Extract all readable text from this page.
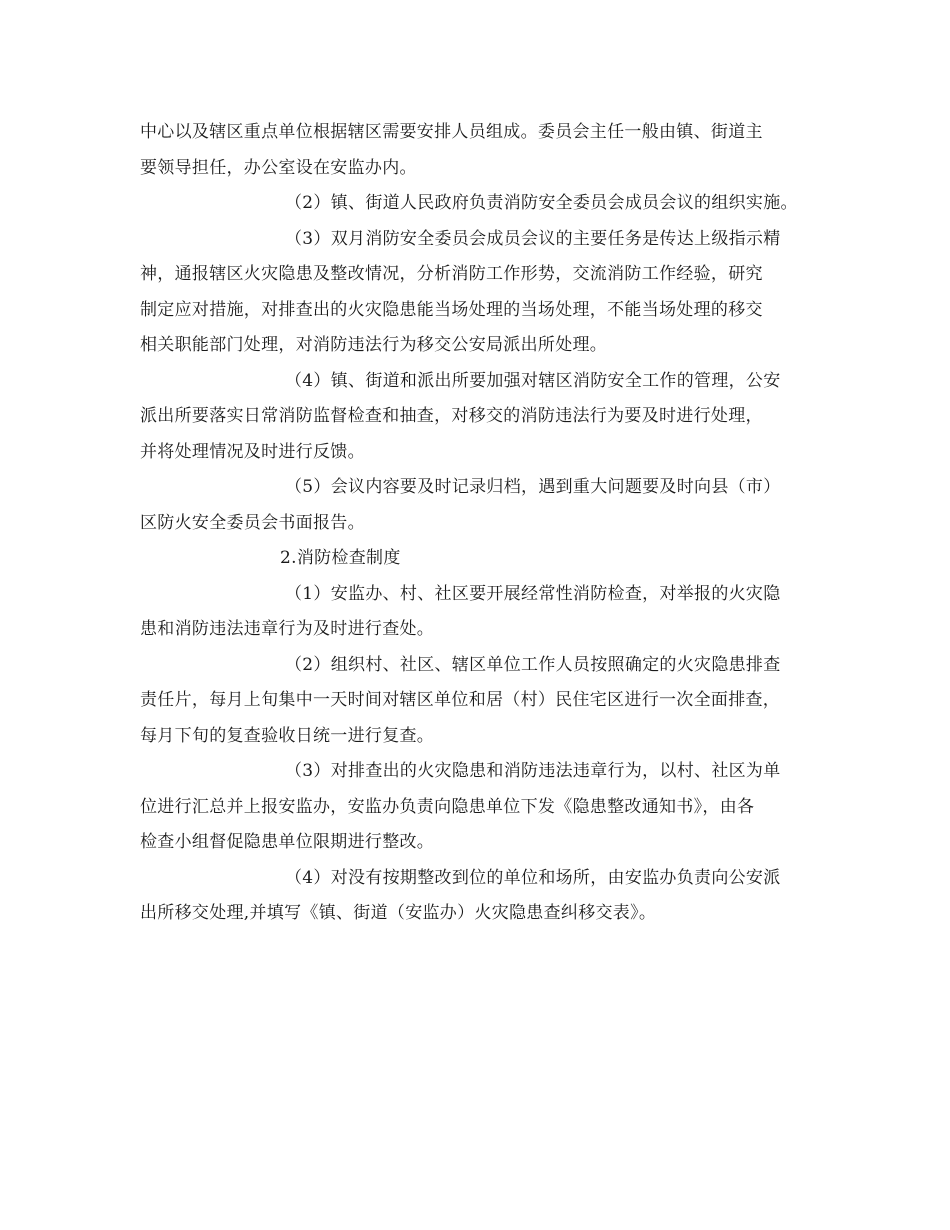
中心以及辖区重点单位根据辖区需要安排人员组成。委员会主任一般由镇、街道主
要领导担任，办公室设在安监办内。
（2）镇、街道人民政府负责消防安全委员会成员会议的组织实施。
（3）双月消防安全委员会成员会议的主要任务是传达上级指示精
神，通报辖区火灾隐患及整改情况，分析消防工作形势，交流消防工作经验，研究
制定应对措施，对排查出的火灾隐患能当场处理的当场处理，不能当场处理的移交
相关职能部门处理，对消防违法行为移交公安局派出所处理。
（4）镇、街道和派出所要加强对辖区消防安全工作的管理，公安
派出所要落实日常消防监督检查和抽查，对移交的消防违法行为要及时进行处理，
并将处理情况及时进行反馈。
（5）会议内容要及时记录归档，遇到重大问题要及时向县（市）
区防火安全委员会书面报告。
2.消防检查制度
（1）安监办、村、社区要开展经常性消防检查，对举报的火灾隐
患和消防违法违章行为及时进行查处。
（2）组织村、社区、辖区单位工作人员按照确定的火灾隐患排查
责任片，每月上旬集中一天时间对辖区单位和居（村）民住宅区进行一次全面排查，
每月下旬的复查验收日统一进行复查。
（3）对排查出的火灾隐患和消防违法违章行为，以村、社区为单
位进行汇总并上报安监办，安监办负责向隐患单位下发《隐患整改通知书》，由各
检查小组督促隐患单位限期进行整改。
（4）对没有按期整改到位的单位和场所，由安监办负责向公安派
出所移交处理,并填写《镇、街道（安监办）火灾隐患查纠移交表》。
